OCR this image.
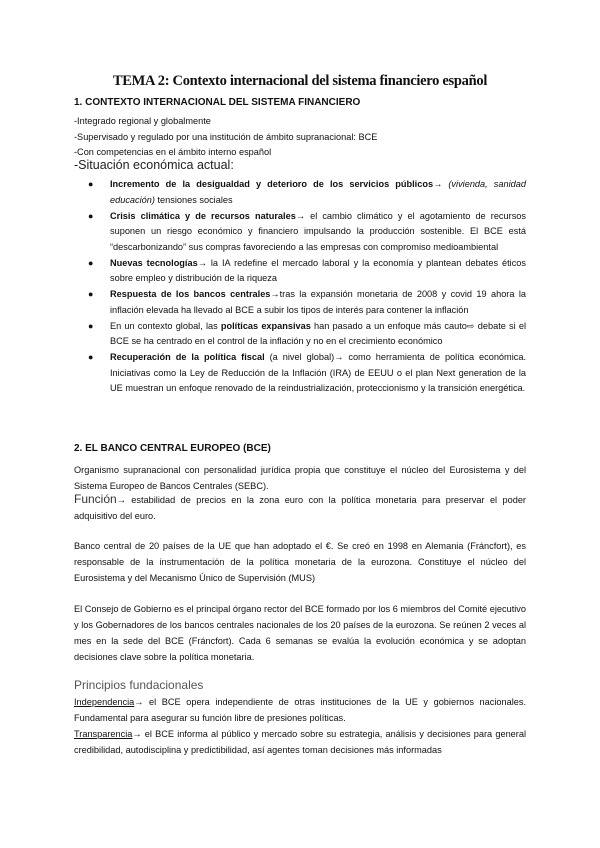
TEMA 2: Contexto internacional del sistema financiero español
1. CONTEXTO INTERNACIONAL DEL SISTEMA FINANCIERO
-Integrado regional y globalmente
-Supervisado y regulado por una institución de ámbito supranacional: BCE
-Con competencias en el ámbito interno español
-Situación económica actual:
● Incremento de la desigualdad y deterioro de los servicios públicos→ (vivienda, sanidad educación) tensiones sociales
● Crisis climática y de recursos naturales→ el cambio climático y el agotamiento de recursos suponen un riesgo económico y financiero impulsando la producción sostenible. El BCE está “descarbonizando” sus compras favoreciendo a las empresas con compromiso medioambiental
● Nuevas tecnologías→ la IA redefine el mercado laboral y la economía y plantean debates éticos sobre empleo y distribución de la riqueza
● Respuesta de los bancos centrales→tras la expansión monetaria de 2008 y covid 19 ahora la inflación elevada ha llevado al BCE a subir los tipos de interés para contener la inflación
● En un contexto global, las políticas expansivas han pasado a un enfoque más cauto⇨ debate si el BCE se ha centrado en el control de la inflación y no en el crecimiento económico
● Recuperación de la política fiscal (a nivel global)→ como herramienta de política económica. Iniciativas como la Ley de Reducción de la Inflación (IRA) de EEUU o el plan Next generation de la UE muestran un enfoque renovado de la reindustrialización, proteccionismo y la transición energética.
2. EL BANCO CENTRAL EUROPEO (BCE)

Organismo supranacional con personalidad jurídica propia que constituye el núcleo del Eurosistema y del Sistema Europeo de Bancos Centrales (SEBC).

Función→ estabilidad de precios en la zona euro con la política monetaria para preservar el poder adquisitivo del euro.

Banco central de 20 países de la UE que han adoptado el €. Se creó en 1998 en Alemania (Fráncfort), es responsable de la instrumentación de la política monetaria de la eurozona. Constituye el núcleo del Eurosistema y del Mecanismo Único de Supervisión (MUS)

El Consejo de Gobierno es el principal órgano rector del BCE formado por los 6 miembros del Comité ejecutivo y los Gobernadores de los bancos centrales nacionales de los 20 países de la eurozona. Se reúnen 2 veces al mes en la sede del BCE (Fráncfort). Cada 6 semanas se evalúa la evolución económica y se adoptan decisiones clave sobre la política monetaria.

Principios fundacionales

Independencia→ el BCE opera independiente de otras instituciones de la UE y gobiernos nacionales. Fundamental para asegurar su función libre de presiones políticas.

Transparencia→ el BCE informa al público y mercado sobre su estrategia, análisis y decisiones para general credibilidad, autodisciplina y predictibilidad, así agentes toman decisiones más informadas
